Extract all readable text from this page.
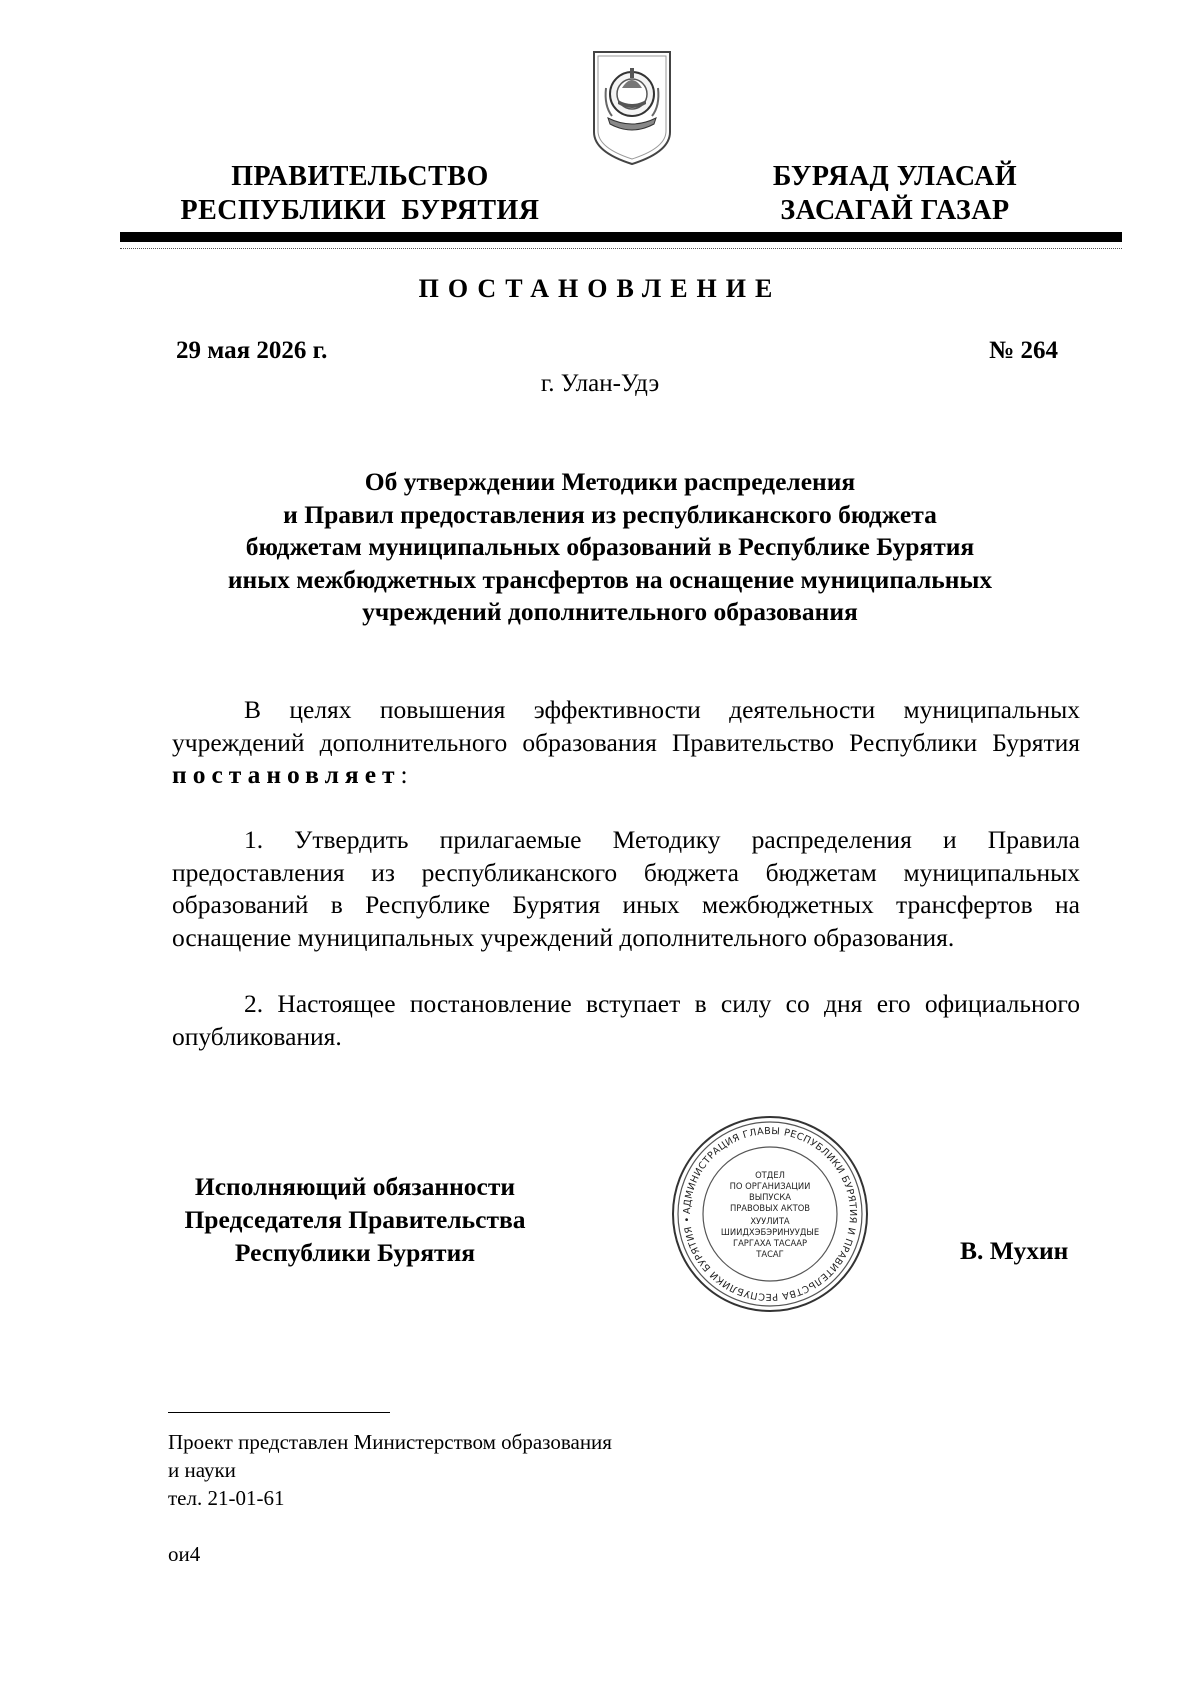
ПРАВИТЕЛЬСТВО
РЕСПУБЛИКИ  БУРЯТИЯ
БУРЯАД УЛАСАЙ
ЗАСАГАЙ ГАЗАР
ПОСТАНОВЛЕНИЕ
29 мая 2026 г.	№ 264
г. Улан-Удэ
Об утверждении Методики распределения
и Правил предоставления из республиканского бюджета
бюджетам муниципальных образований в Республике Бурятия
иных межбюджетных трансфертов на оснащение муниципальных
учреждений дополнительного образования
В целях повышения эффективности деятельности муниципальных учреждений дополнительного образования Правительство Республики Бурятия постановляет:
1. Утвердить прилагаемые Методику распределения и Правила предоставления из республиканского бюджета бюджетам муниципальных образований в Республике Бурятия иных межбюджетных трансфертов на оснащение муниципальных учреждений дополнительного образования.
2. Настоящее постановление вступает в силу со дня его официального опубликования.
Исполняющий обязанности
Председателя Правительства
Республики Бурятия
АДМИНИСТРАЦИЯ ГЛАВЫ РЕСПУБЛИКИ БУРЯТИЯ И ПРАВИТЕЛЬСТВА РЕСПУБЛИКИ БУРЯТИЯ •
ОТДЕЛ
ПО ОРГАНИЗАЦИИ
ВЫПУСКА
ПРАВОВЫХ АКТОВ
ХУУЛИТА
ШИИДХЭБЭРИНУУДЫЕ
ГАРГАХА ТАСААР
ТАСАГ	В. Мухин
Проект представлен Министерством образования
и науки
тел. 21-01-61
ои4
